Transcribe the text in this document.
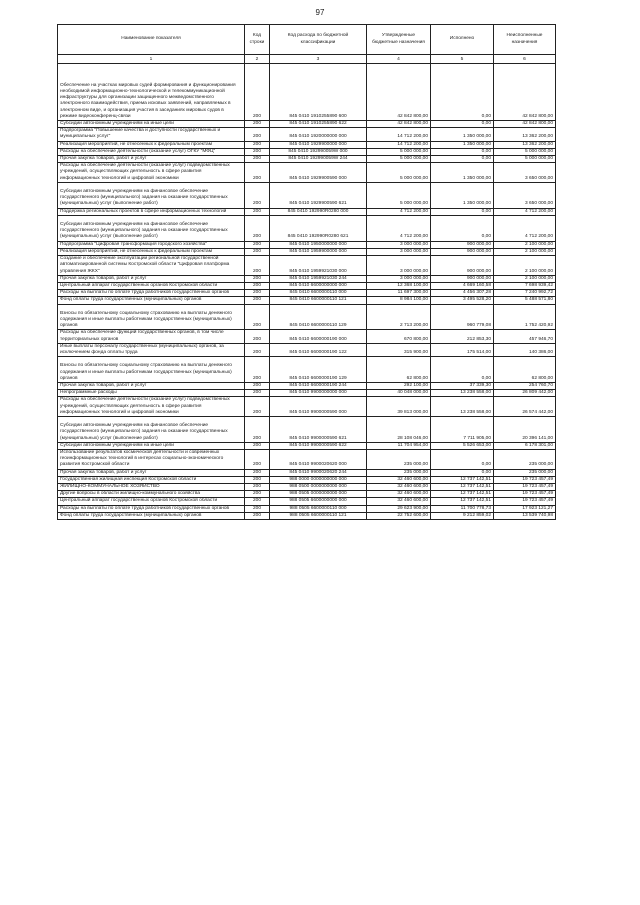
97
Наименование показателя	Код строки	Код расхода по бюджетной классификации	Утвержденные бюджетные назначения	Исполнено	Неисполненные назначения
1	2	3	4	5	6

Обеспечение на участках мировых судей формирования и функционирования необходимой информационно-технологической и телекоммуникационной инфраструктуры для организации защищенного межведомственного электронного взаимодействия, приема исковых заявлений, направляемых в электронном виде, и организация участия в заседаниях мировых судов в режиме видеоконференц-связи	200	845 0410 1910255890 600	42 842 800,00	0,00	42 842 800,00
Субсидии автономным учреждениям на иные цели	200	845 0410 1910255890 622	42 842 800,00	0,00	42 842 800,00
Подпрограмма "Повышение качества и доступности государственных и муниципальных услуг"	200	845 0410 1920000000 000	14 712 200,00	1 350 000,00	13 362 200,00
Реализация мероприятий, не отнесенных к федеральным проектам	200	845 0410 1929900000 000	14 712 200,00	1 350 000,00	13 362 200,00
Расходы на обеспечение деятельности (оказание услуг) ОГКУ "МФЦ"	200	845 0410 192990059W 000	5 000 000,00	0,00	5 000 000,00
Прочая закупка товаров, работ и услуг	200	845 0410 192990059W 244	5 000 000,00	0,00	5 000 000,00
Расходы на обеспечение деятельности (оказание услуг) подведомственных учреждений, осуществляющих деятельность в сфере развития информационных технологий и цифровой экономики	200	845 0410 1929900590 000	5 000 000,00	1 350 000,00	3 650 000,00

Субсидии автономным учреждениям на финансовое обеспечение государственного (муниципального) задания на оказание государственных (муниципальных) услуг (выполнение работ)	200	845 0410 1929900590 621	5 000 000,00	1 350 000,00	3 650 000,00
Поддержка региональных проектов в сфере информационных технологий	200	845 0410 192990R0280 000	4 712 200,00	0,00	4 712 200,00

Субсидии автономным учреждениям на финансовое обеспечение государственного (муниципального) задания на оказание государственных (муниципальных) услуг (выполнение работ)	200	845 0410 192990R0280 621	4 712 200,00	0,00	4 712 200,00
Подпрограмма "Цифровая трансформация городского хозяйства"	200	845 0410 1950000000 000	3 000 000,00	900 000,00	2 100 000,00
Реализация мероприятий, не отнесенных к федеральным проектам	200	845 0410 1959900000 000	3 000 000,00	900 000,00	2 100 000,00
Создание и обеспечение эксплуатации региональной государственной автоматизированной системы Костромской области "Цифровая платформа управления ЖКХ"	200	845 0410 1959921030 000	3 000 000,00	900 000,00	2 100 000,00
Прочая закупка товаров, работ и услуг	200	845 0410 1959921030 244	3 000 000,00	900 000,00	2 100 000,00
Центральный аппарат государственных органов Костромской области	200	845 0410 6600000000 000	12 368 100,00	4 669 160,58	7 698 939,42
Расходы на выплаты по оплате труда работников государственных органов	200	845 0410 6600000110 000	11 697 300,00	4 456 307,28	7 240 992,72
Фонд оплаты труда государственных (муниципальных) органов	200	845 0410 6600000110 121	8 984 100,00	3 495 528,20	5 488 571,80

Взносы по обязательному социальному страхованию на выплаты денежного содержания и иные выплаты работникам государственных (муниципальных) органов	200	845 0410 6600000110 129	2 713 200,00	960 779,08	1 752 420,92
Расходы на обеспечение функций государственных органов, в том числе территориальных органов	200	845 0410 6600000190 000	670 800,00	212 853,30	457 946,70
Иные выплаты персоналу государственных (муниципальных) органов, за исключением фонда оплаты труда	200	845 0410 6600000190 122	315 900,00	175 514,00	140 386,00

Взносы по обязательному социальному страхованию на выплаты денежного содержания и иные выплаты работникам государственных (муниципальных) органов	200	845 0410 6600000190 129	62 800,00	0,00	62 800,00
Прочая закупка товаров, работ и услуг	200	845 0410 6600000190 244	292 100,00	37 339,30	254 760,70
Непрограммные расходы	200	845 0410 9900000000 000	40 048 000,00	13 238 558,00	26 809 442,00
Расходы на обеспечение деятельности (оказание услуг) подведомственных учреждений, осуществляющих деятельность в сфере развития информационных технологий и цифровой экономики	200	845 0410 9900000590 000	39 813 000,00	13 238 558,00	26 574 442,00

Субсидии автономным учреждениям на финансовое обеспечение государственного (муниципального) задания на оказание государственных (муниципальных) услуг (выполнение работ)	200	845 0410 9900000590 621	28 108 046,00	7 711 905,00	20 396 141,00
Субсидии автономным учреждениям на иные цели	200	845 0410 9900000590 622	11 704 954,00	5 526 653,00	6 178 301,00
Использование результатов космической деятельности и современных геоинформационных технологий в интересах социально-экономического развития Костромской области	200	845 0410 9900020620 000	235 000,00	0,00	235 000,00
Прочая закупка товаров, работ и услуг	200	845 0410 9900020620 244	235 000,00	0,00	235 000,00
Государственная жилищная инспекция Костромской области	200	988 0000 0000000000 000	32 460 600,00	12 737 142,51	19 723 457,49
ЖИЛИЩНО-КОММУНАЛЬНОЕ ХОЗЯЙСТВО	200	988 0500 0000000000 000	32 460 600,00	12 737 142,51	19 723 457,49
Другие вопросы в области жилищно-коммунального хозяйства	200	988 0505 0000000000 000	32 460 600,00	12 737 142,51	19 723 457,49
Центральный аппарат государственных органов Костромской области	200	988 0505 6600000000 000	32 460 600,00	12 737 142,51	19 723 457,49
Расходы на выплаты по оплате труда работников государственных органов	200	988 0505 6600000110 000	29 623 900,00	11 700 778,73	17 923 121,27
Фонд оплаты труда государственных (муниципальных) органов	200	988 0505 6600000110 121	22 752 600,00	9 212 859,02	13 539 740,98
